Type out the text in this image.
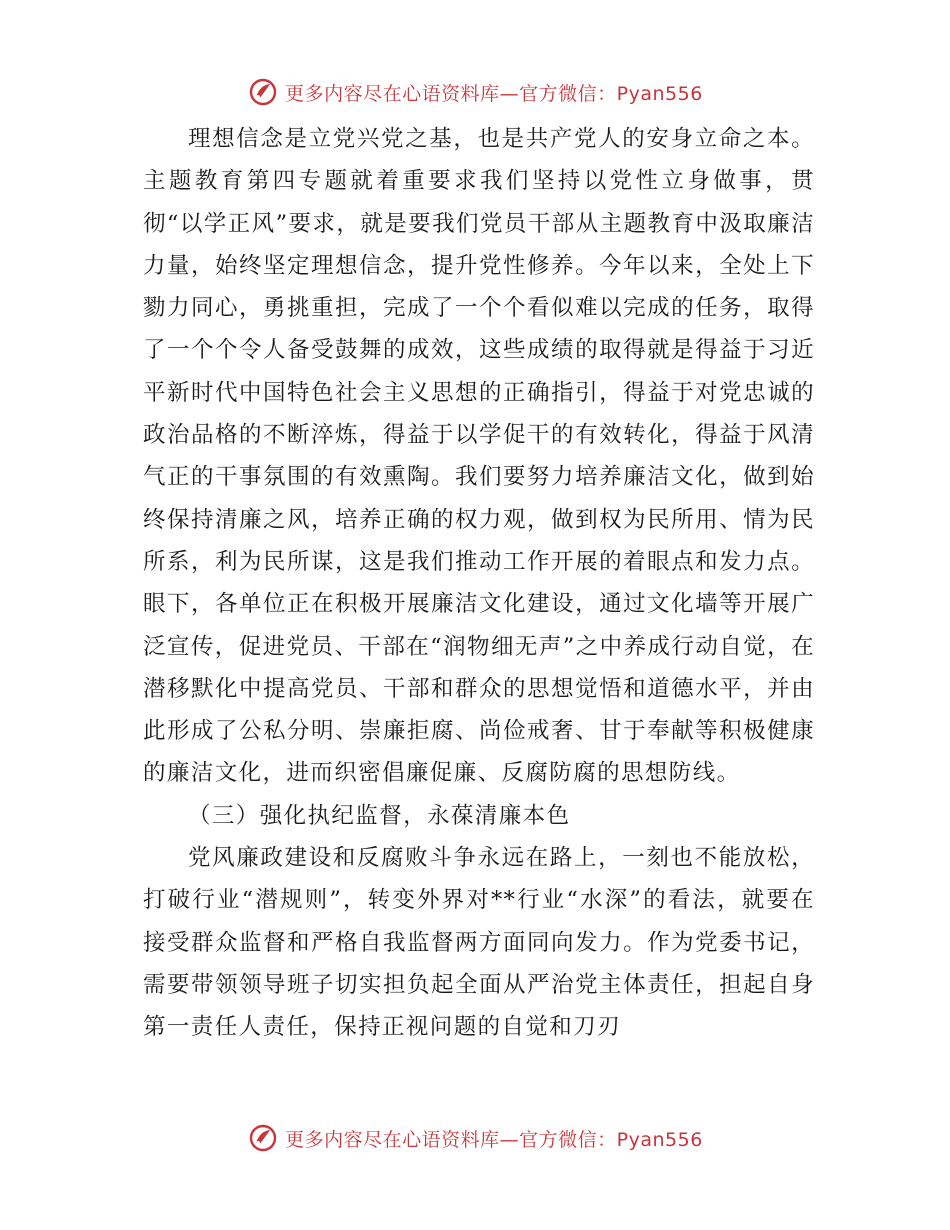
更多内容尽在心语资料库—官方微信：Pyan556

理想信念是立党兴党之基，也是共产党人的安身立命之本。主题教育第四专题就着重要求我们坚持以党性立身做事，贯彻“以学正风”要求，就是要我们党员干部从主题教育中汲取廉洁力量，始终坚定理想信念，提升党性修养。今年以来，全处上下勠力同心，勇挑重担，完成了一个个看似难以完成的任务，取得了一个个令人备受鼓舞的成效，这些成绩的取得就是得益于习近平新时代中国特色社会主义思想的正确指引，得益于对党忠诚的政治品格的不断淬炼，得益于以学促干的有效转化，得益于风清气正的干事氛围的有效熏陶。我们要努力培养廉洁文化，做到始终保持清廉之风，培养正确的权力观，做到权为民所用、情为民所系，利为民所谋，这是我们推动工作开展的着眼点和发力点。眼下，各单位正在积极开展廉洁文化建设，通过文化墙等开展广泛宣传，促进党员、干部在“润物细无声”之中养成行动自觉，在潜移默化中提高党员、干部和群众的思想觉悟和道德水平，并由此形成了公私分明、崇廉拒腐、尚俭戒奢、甘于奉献等积极健康的廉洁文化，进而织密倡廉促廉、反腐防腐的思想防线。

（三）强化执纪监督，永葆清廉本色

党风廉政建设和反腐败斗争永远在路上，一刻也不能放松，打破行业“潜规则”，转变外界对**行业“水深”的看法，就要在接受群众监督和严格自我监督两方面同向发力。作为党委书记，需要带领领导班子切实担负起全面从严治党主体责任，担起自身第一责任人责任，保持正视问题的自觉和刀刃

更多内容尽在心语资料库—官方微信：Pyan556
